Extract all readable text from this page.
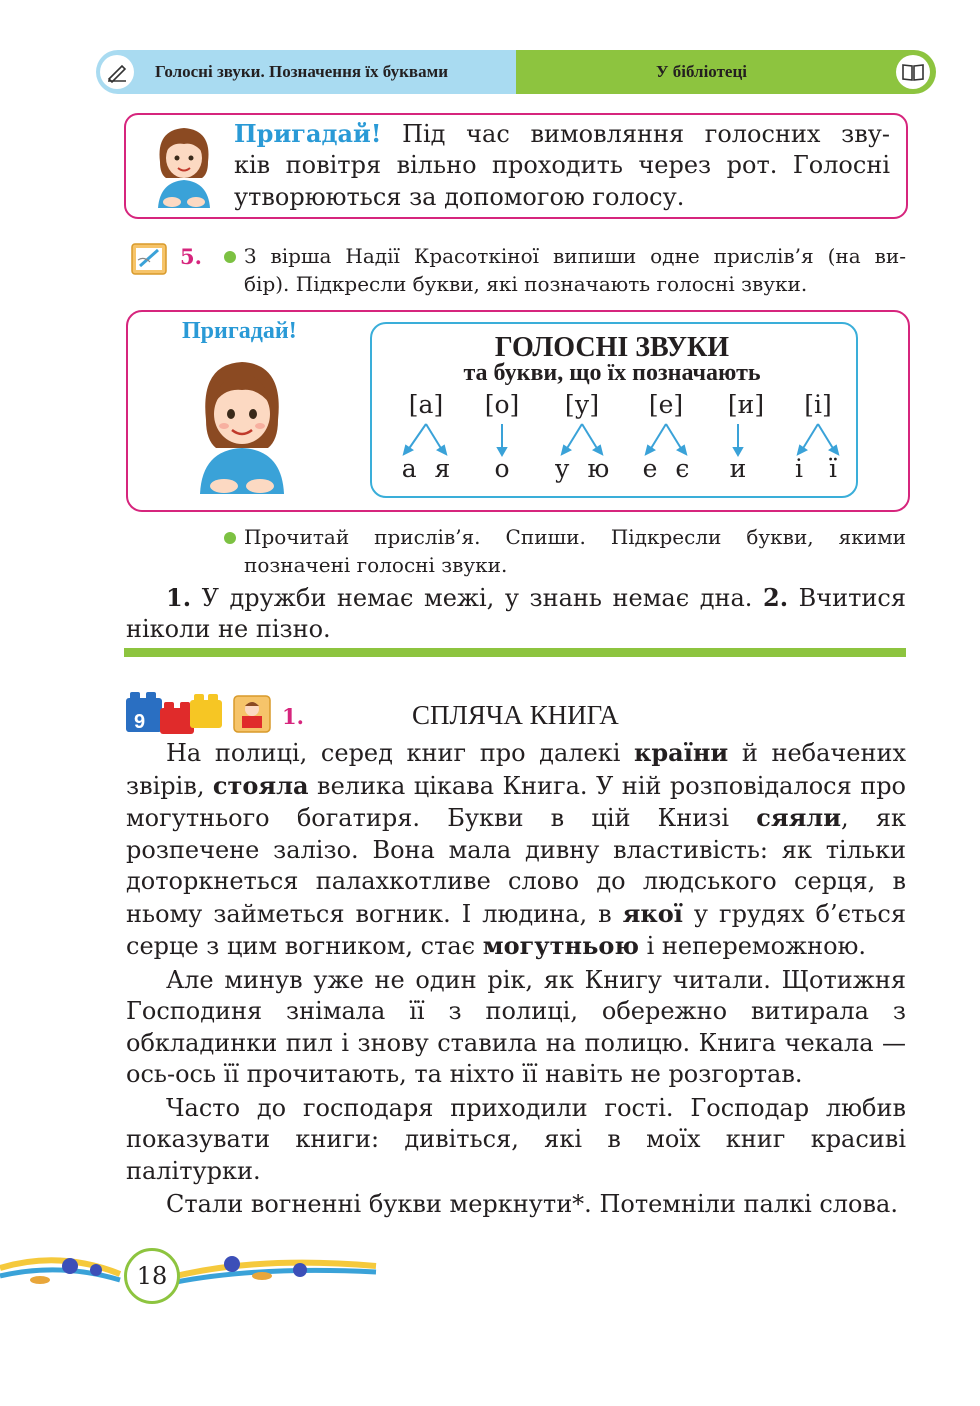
Голосні звуки. Позначення їх буквами	У бібліотеці
Пригадай! Під час вимовляння голосних зву-
ків повітря вільно проходить через рот. Голосні
утворюються за допомогою голосу.
5. З вірша Надії Красоткіної випиши одне прислів’я (на ви-
бір). Підкресли букви, які позначають голосні звуки.
Пригадай!
ГОЛОСНІ ЗВУКИ
та букви, що їх позначають
[а]	[о]	[у]	[е]	[и]	[і]
а я	о	у ю	е є	и	і ї
Прочитай прислів’я. Спиши. Підкресли букви, якими
позначені голосні звуки.
1. У дружби немає межі, у знань немає дна. 2. Вчитися
ніколи не пізно.
9	1.	СПЛЯЧА КНИГА

На полиці, серед книг про далекі країни й небачених звірів, стояла велика цікава Книга. У ній розповідалося про могутнього богатиря. Букви в цій Книзі сяяли, як розпечене залізо. Вона мала дивну властивість: як тільки доторкнеться палахкотливе слово до людського серця, в ньому займеться вогник. І людина, в якої у грудях б’ється серце з цим вогником, стає могутньою і непереможною.

Але минув уже не один рік, як Книгу читали. Щотижня Господиня знімала її з полиці, обережно витирала з обкладинки пил і знову ставила на полицю. Книга чекала — ось-ось її прочитають, та ніхто її навіть не розгортав.

Часто до господаря приходили гості. Господар любив показувати книги: дивіться, які в моїх книг красиві палітурки.

Стали вогненні букви меркнути*. Потемніли палкі слова.

18
